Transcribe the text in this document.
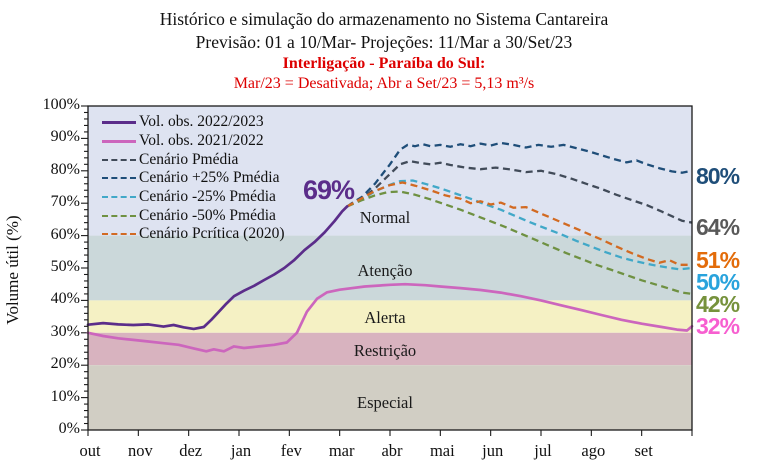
Histórico e simulação do armazenamento no Sistema Cantareira
Previsão: 01 a 10/Mar- Projeções: 11/Mar a 30/Set/23
Interligação - Paraíba do Sul:
Mar/23 = Desativada; Abr a Set/23 = 5,13 m³/s
Volume útil (%)
0%
10%
20%
30%
40%
50%
60%
70%
80%
90%
100%
out	nov	dez	jan	fev	mar	abr	mai	jun	jul	ago	set
Normal
Atenção
Alerta
Restrição
Especial
Vol. obs. 2022/2023
Vol. obs. 2021/2022
Cenário Pmédia
Cenário +25% Pmédia
Cenário -25% Pmédia
Cenário -50% Pmédia
Cenário Pcrítica (2020)
69%	80%
64%
51%
50%
42%
32%
